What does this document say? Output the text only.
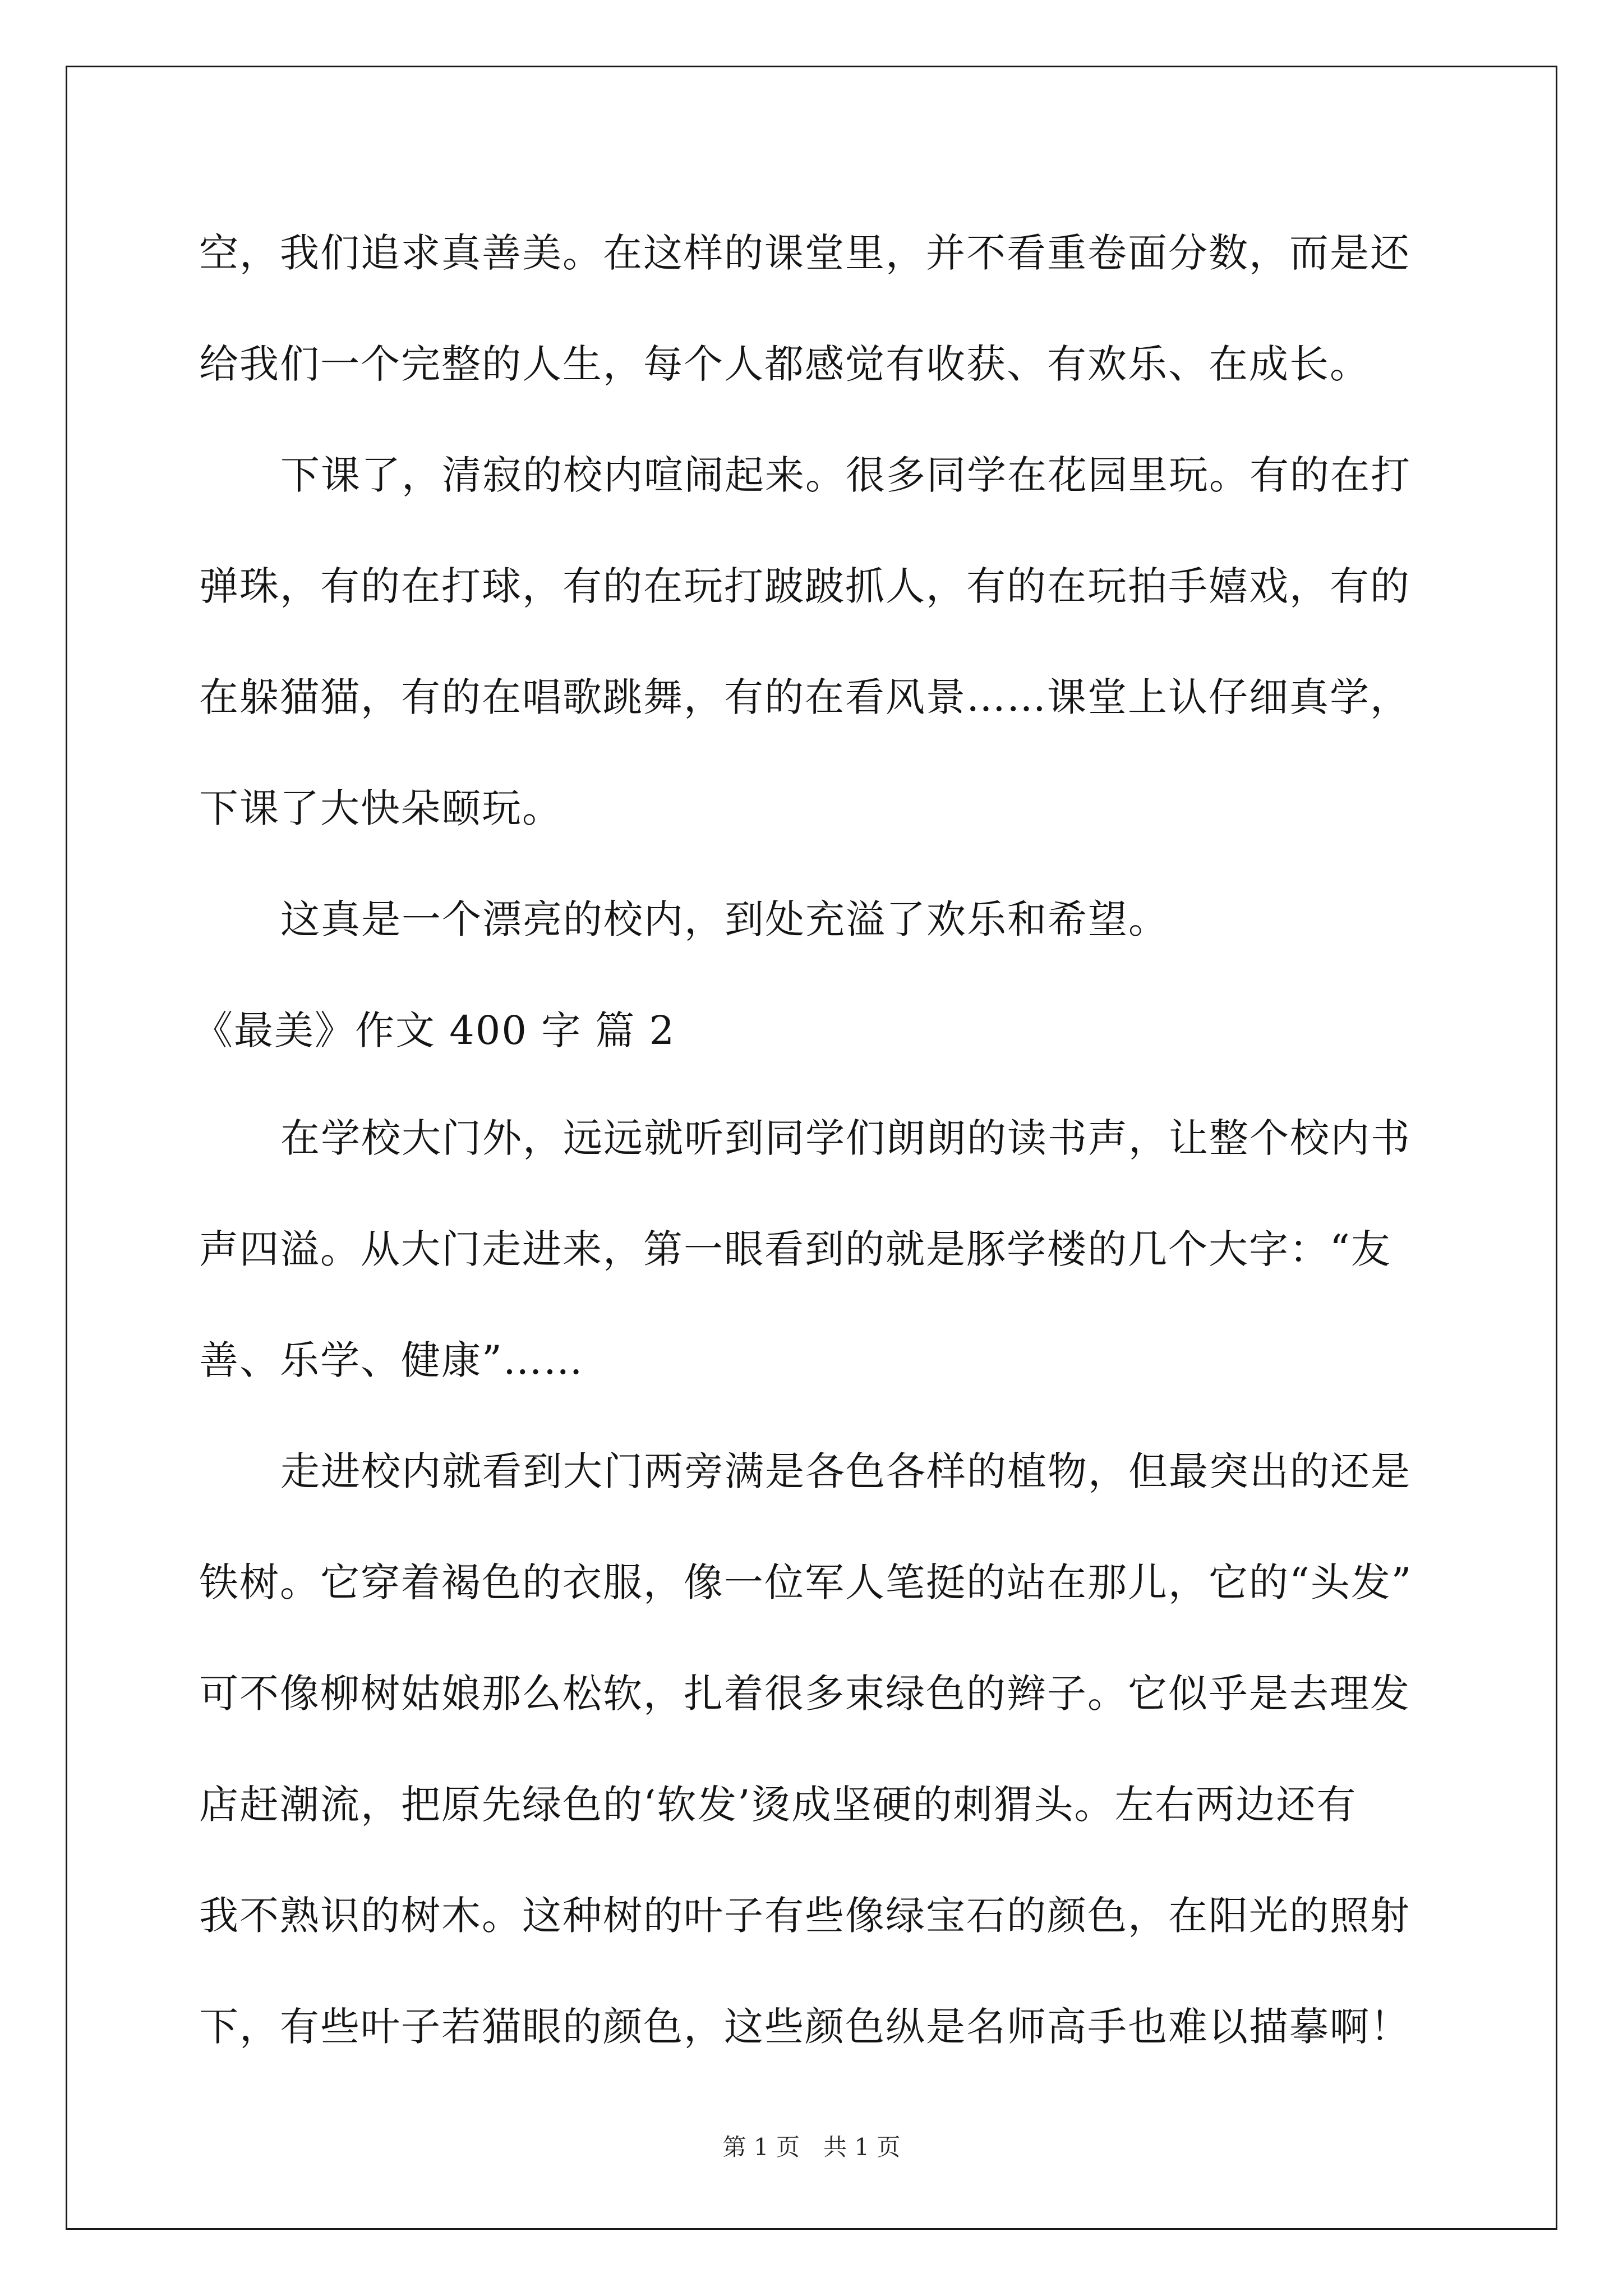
空，我们追求真善美。在这样的课堂里，并不看重卷面分数，而是还
给我们一个完整的人生，每个人都感觉有收获、有欢乐、在成长。
下课了，清寂的校内喧闹起来。很多同学在花园里玩。有的在打
弹珠，有的在打球，有的在玩打跛跛抓人，有的在玩拍手嬉戏，有的
在躲猫猫，有的在唱歌跳舞，有的在看风景……课堂上认仔细真学，
下课了大快朵颐玩。
这真是一个漂亮的校内，到处充溢了欢乐和希望。
《最美》作文 400 字 篇 2
在学校大门外，远远就听到同学们朗朗的读书声，让整个校内书
声四溢。从大门走进来，第一眼看到的就是豚学楼的几个大字：“友
善、乐学、健康”……
走进校内就看到大门两旁满是各色各样的植物，但最突出的还是
铁树。它穿着褐色的衣服，像一位军人笔挺的站在那儿，它的“头发”
可不像柳树姑娘那么松软，扎着很多束绿色的辫子。它似乎是去理发
店赶潮流，把原先绿色的‘软发’烫成坚硬的刺猬头。左右两边还有
我不熟识的树木。这种树的叶子有些像绿宝石的颜色，在阳光的照射
下，有些叶子若猫眼的颜色，这些颜色纵是名师高手也难以描摹啊！
第 1 页　共 1 页
